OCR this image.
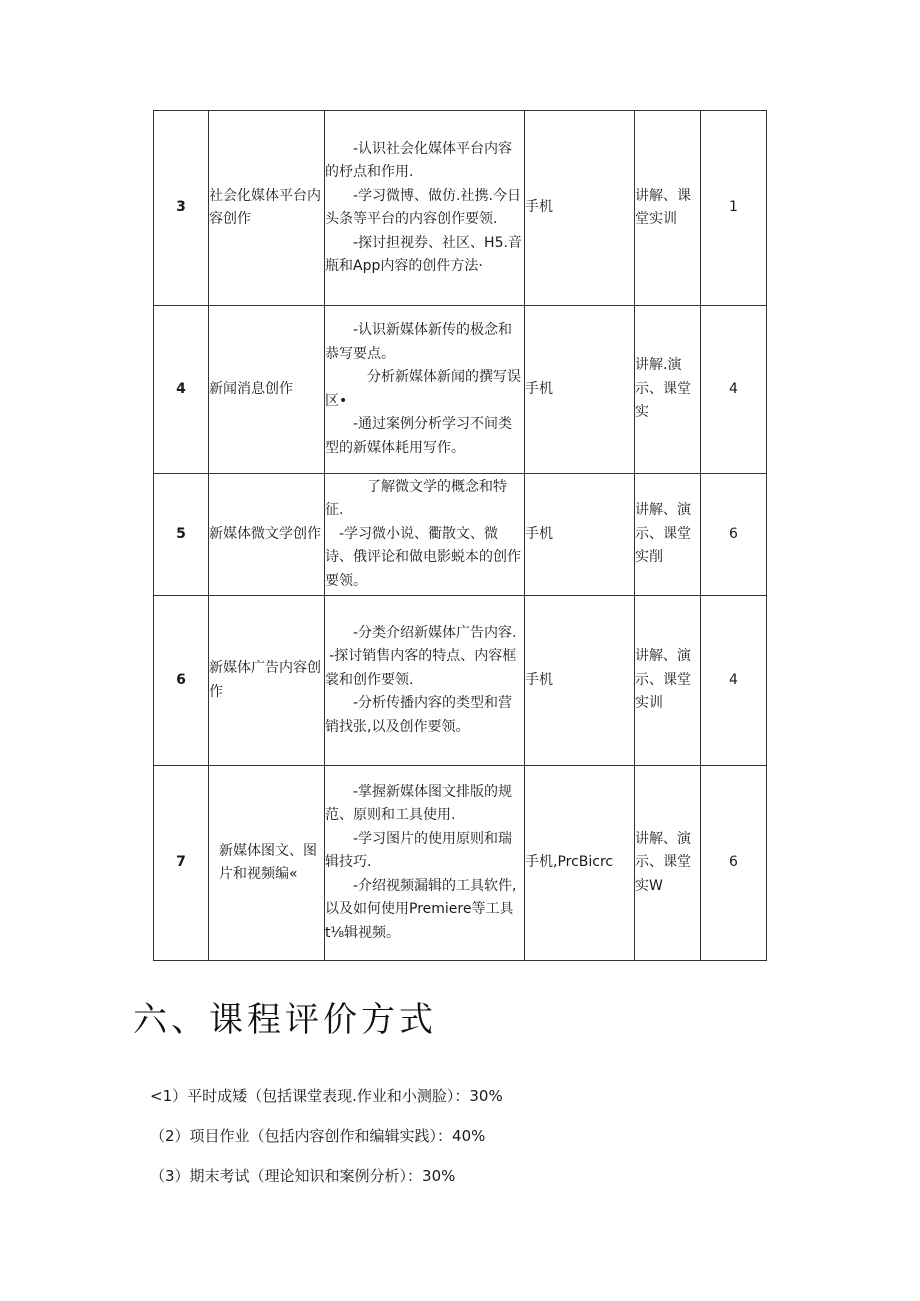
3	社会化媒体平台内容创作	-认识社会化媒体平台内容的杼点和作用.

-学习微博、做仿.社携.今日头条等平台的内容创作要领.

-探讨担视券、社区、H5.音瓶和App内容的创件方法·	手机	讲解、课堂实训	1
4	新闻消息创作	-认识新媒体新传的极念和恭写要点。

分析新媒体新闻的撰写误区•

-通过案例分析学习不间类型的新媒体耗用写作。	手机	讲解.演示、课堂实	4
5	新媒体微文学创作	了解微文学的概念和特征.

-学习微小说、衢散文、微诗、俄评论和做电影蜕本的创作要领。	手机	讲解、演示、课堂实削	6
6	新媒体广告内容创作	-分类介绍新媒体广告内容.

-探讨销售内客的特点、内容框裳和创作要领.

-分析传播内容的类型和营销找张,以及创作要领。	手机	讲解、演示、课堂实训	4
7	新媒体图文、图片和视频编«	-掌握新媒体图文排版的规范、原则和工具使用.

-学习图片的使用原则和瑞辑技巧.

-介绍视频漏辑的工具软件,以及如何使用Premiere等工具t⅛辑视频。	手机,PrcBicrc	讲解、演示、课堂实W	6
六、课程评价方式
<1）平时成矮（包括课堂表现.作业和小测脸）：30%
（2）项目作业（包括内容创作和编辑实践）：40%
（3）期末考试（理论知识和案例分析）：30%
